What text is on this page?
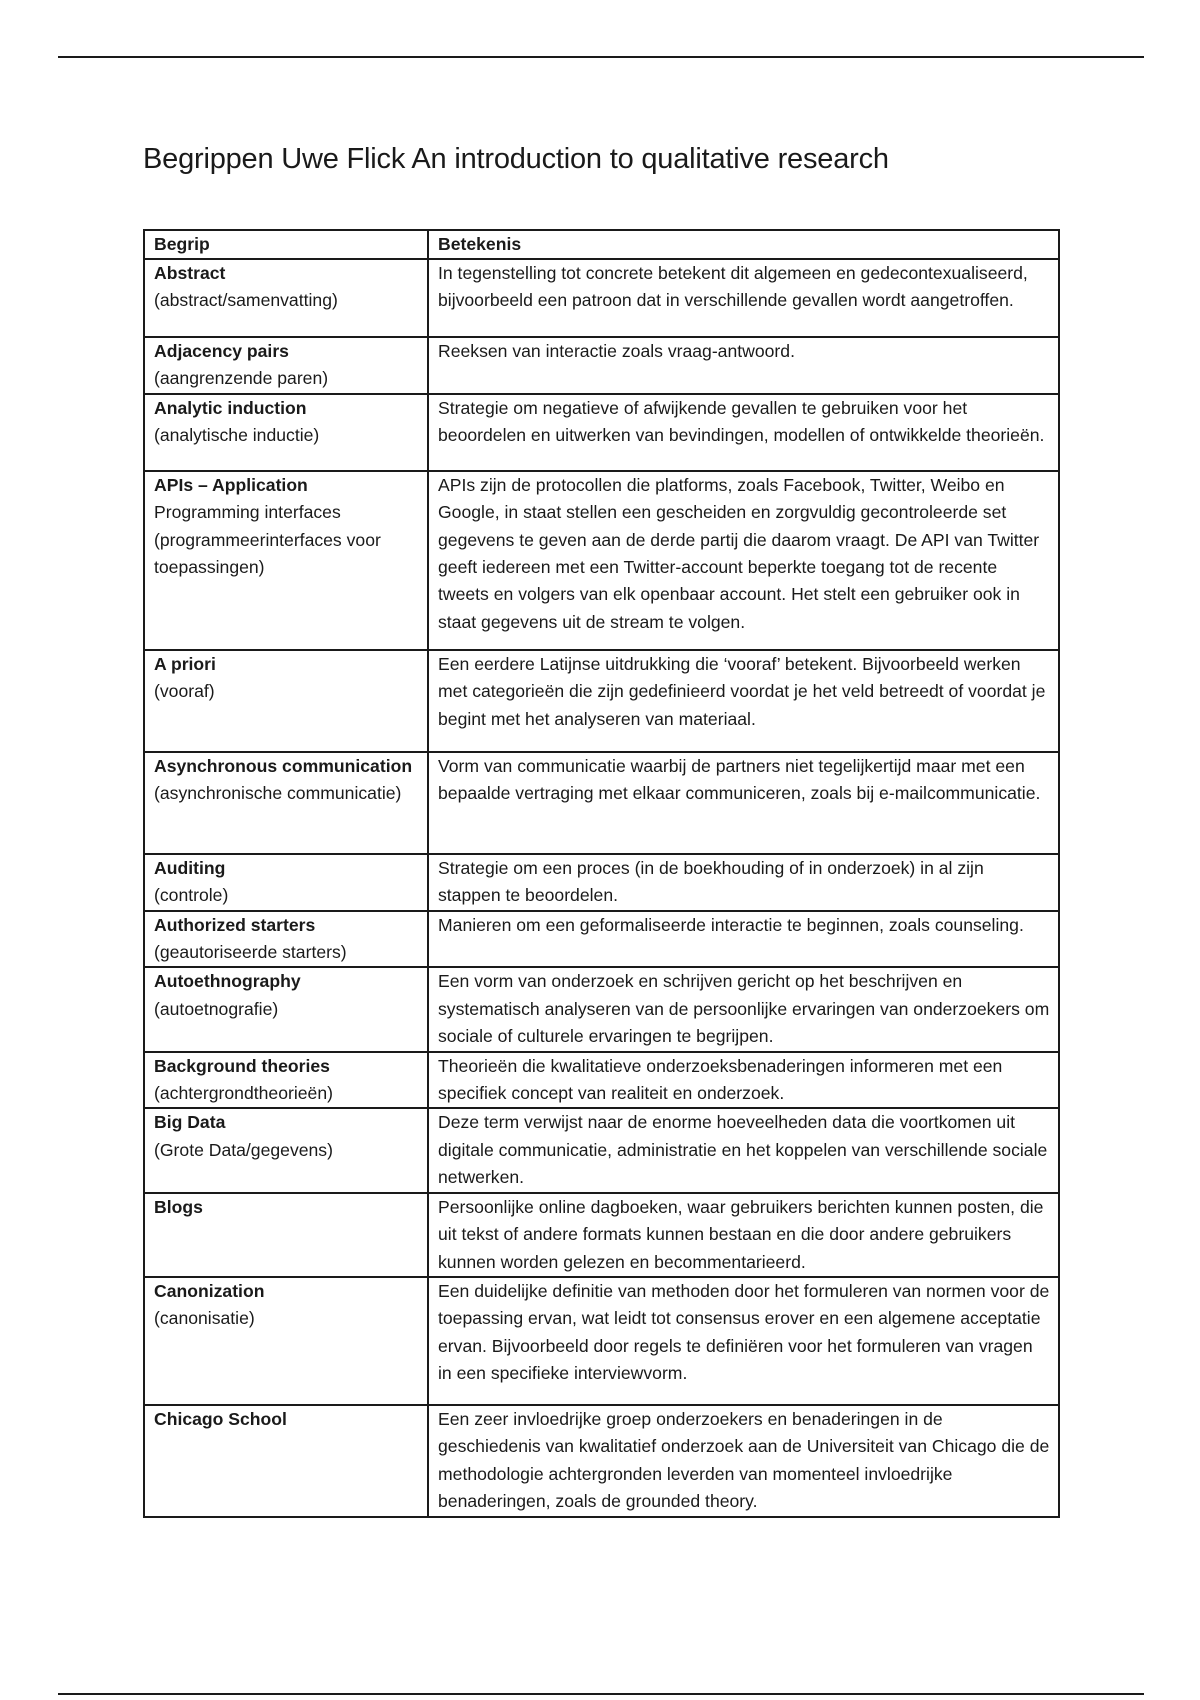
Begrippen Uwe Flick An introduction to qualitative research
Begrip	Betekenis

Abstract
(abstract/samenvatting)	In tegenstelling tot concrete betekent dit algemeen en gedecontexualiseerd, bijvoorbeeld een patroon dat in verschillende gevallen wordt aangetroffen.

Adjacency pairs
(aangrenzende paren)	Reeksen van interactie zoals vraag-antwoord.

Analytic induction
(analytische inductie)	Strategie om negatieve of afwijkende gevallen te gebruiken voor het beoordelen en uitwerken van bevindingen, modellen of ontwikkelde theorieën.

APIs – Application
Programming interfaces (programmeerinterfaces voor toepassingen)	APIs zijn de protocollen die platforms, zoals Facebook, Twitter, Weibo en Google, in staat stellen een gescheiden en zorgvuldig gecontroleerde set gegevens te geven aan de derde partij die daarom vraagt. De API van Twitter geeft iedereen met een Twitter-account beperkte toegang tot de recente tweets en volgers van elk openbaar account. Het stelt een gebruiker ook in staat gegevens uit de stream te volgen.

A priori
(vooraf)	Een eerdere Latijnse uitdrukking die ‘vooraf’ betekent. Bijvoorbeeld werken met categorieën die zijn gedefinieerd voordat je het veld betreedt of voordat je begint met het analyseren van materiaal.

Asynchronous communication
(asynchronische communicatie)	Vorm van communicatie waarbij de partners niet tegelijkertijd maar met een bepaalde vertraging met elkaar communiceren, zoals bij e-mailcommunicatie.

Auditing
(controle)	Strategie om een proces (in de boekhouding of in onderzoek) in al zijn stappen te beoordelen.

Authorized starters
(geautoriseerde starters)	Manieren om een geformaliseerde interactie te beginnen, zoals counseling.

Autoethnography
(autoetnografie)	Een vorm van onderzoek en schrijven gericht op het beschrijven en systematisch analyseren van de persoonlijke ervaringen van onderzoekers om sociale of culturele ervaringen te begrijpen.

Background theories
(achtergrondtheorieën)	Theorieën die kwalitatieve onderzoeksbenaderingen informeren met een specifiek concept van realiteit en onderzoek.

Big Data
(Grote Data/gegevens)	Deze term verwijst naar de enorme hoeveelheden data die voortkomen uit digitale communicatie, administratie en het koppelen van verschillende sociale netwerken.

Blogs	Persoonlijke online dagboeken, waar gebruikers berichten kunnen posten, die uit tekst of andere formats kunnen bestaan en die door andere gebruikers kunnen worden gelezen en becommentarieerd.

Canonization
(canonisatie)	Een duidelijke definitie van methoden door het formuleren van normen voor de toepassing ervan, wat leidt tot consensus erover en een algemene acceptatie ervan. Bijvoorbeeld door regels te definiëren voor het formuleren van vragen in een specifieke interviewvorm.

Chicago School	Een zeer invloedrijke groep onderzoekers en benaderingen in de geschiedenis van kwalitatief onderzoek aan de Universiteit van Chicago die de methodologie achtergronden leverden van momenteel invloedrijke benaderingen, zoals de grounded theory.
